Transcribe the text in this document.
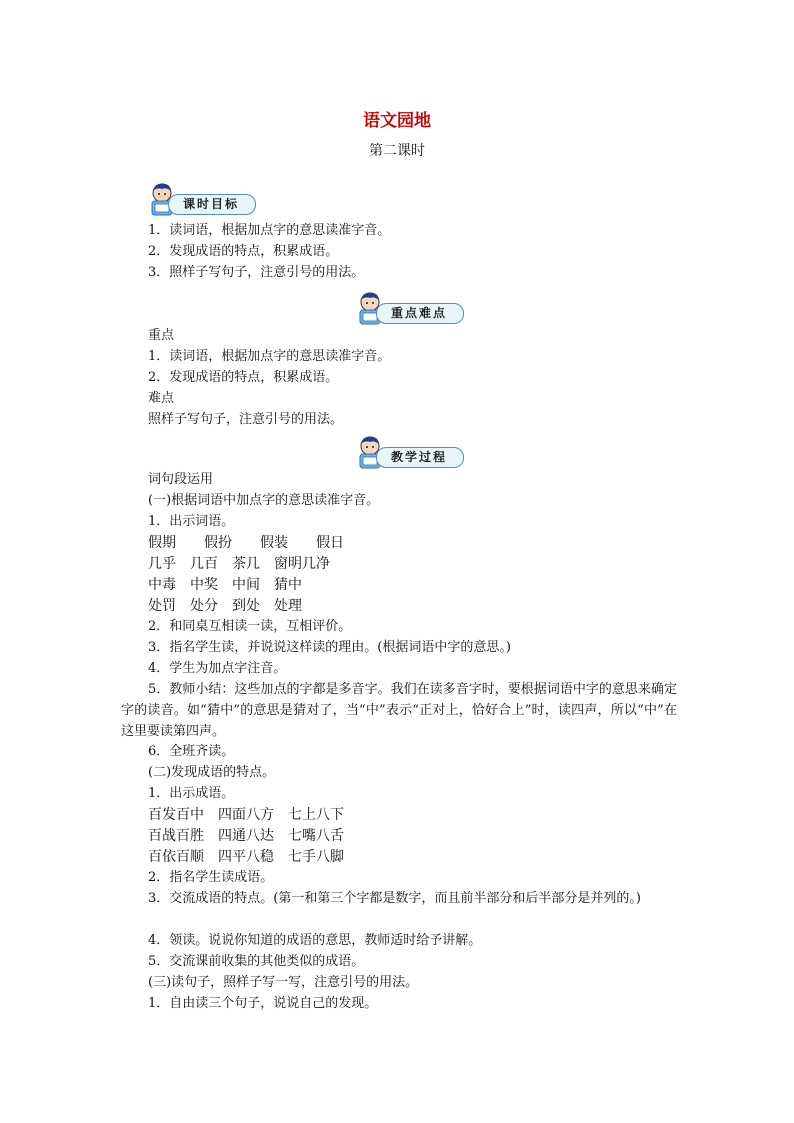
语文园地
第二课时
课时目标
1．读词语，根据加点字的意思读准字音。
2．发现成语的特点，积累成语。
3．照样子写句子，注意引号的用法。
重点难点
重点
1．读词语，根据加点字的意思读准字音。
2．发现成语的特点，积累成语。
难点
照样子写句子，注意引号的用法。
教学过程
词句段运用
(一)根据词语中加点字的意思读准字音。
1．出示词语。
假期 假扮 假装 假日
几乎 几百 茶几 窗明几净
中毒 中奖 中间 猜中
处罚 处分 到处 处理
2．和同桌互相读一读，互相评价。
3．指名学生读，并说说这样读的理由。(根据词语中字的意思。)
4．学生为加点字注音。
5．教师小结：这些加点的字都是多音字。我们在读多音字时，要根据词语中字的意思来确定字的读音。如“猜中”的意思是猜对了，当“中”表示“正对上，恰好合上”时，读四声，所以“中”在这里要读第四声。
6．全班齐读。
(二)发现成语的特点。
1．出示成语。
百发百中 四面八方 七上八下
百战百胜 四通八达 七嘴八舌
百依百顺 四平八稳 七手八脚
2．指名学生读成语。
3．交流成语的特点。(第一和第三个字都是数字，而且前半部分和后半部分是并列的。)
4．领读。说说你知道的成语的意思，教师适时给予讲解。
5．交流课前收集的其他类似的成语。
(三)读句子，照样子写一写，注意引号的用法。
1．自由读三个句子，说说自己的发现。
